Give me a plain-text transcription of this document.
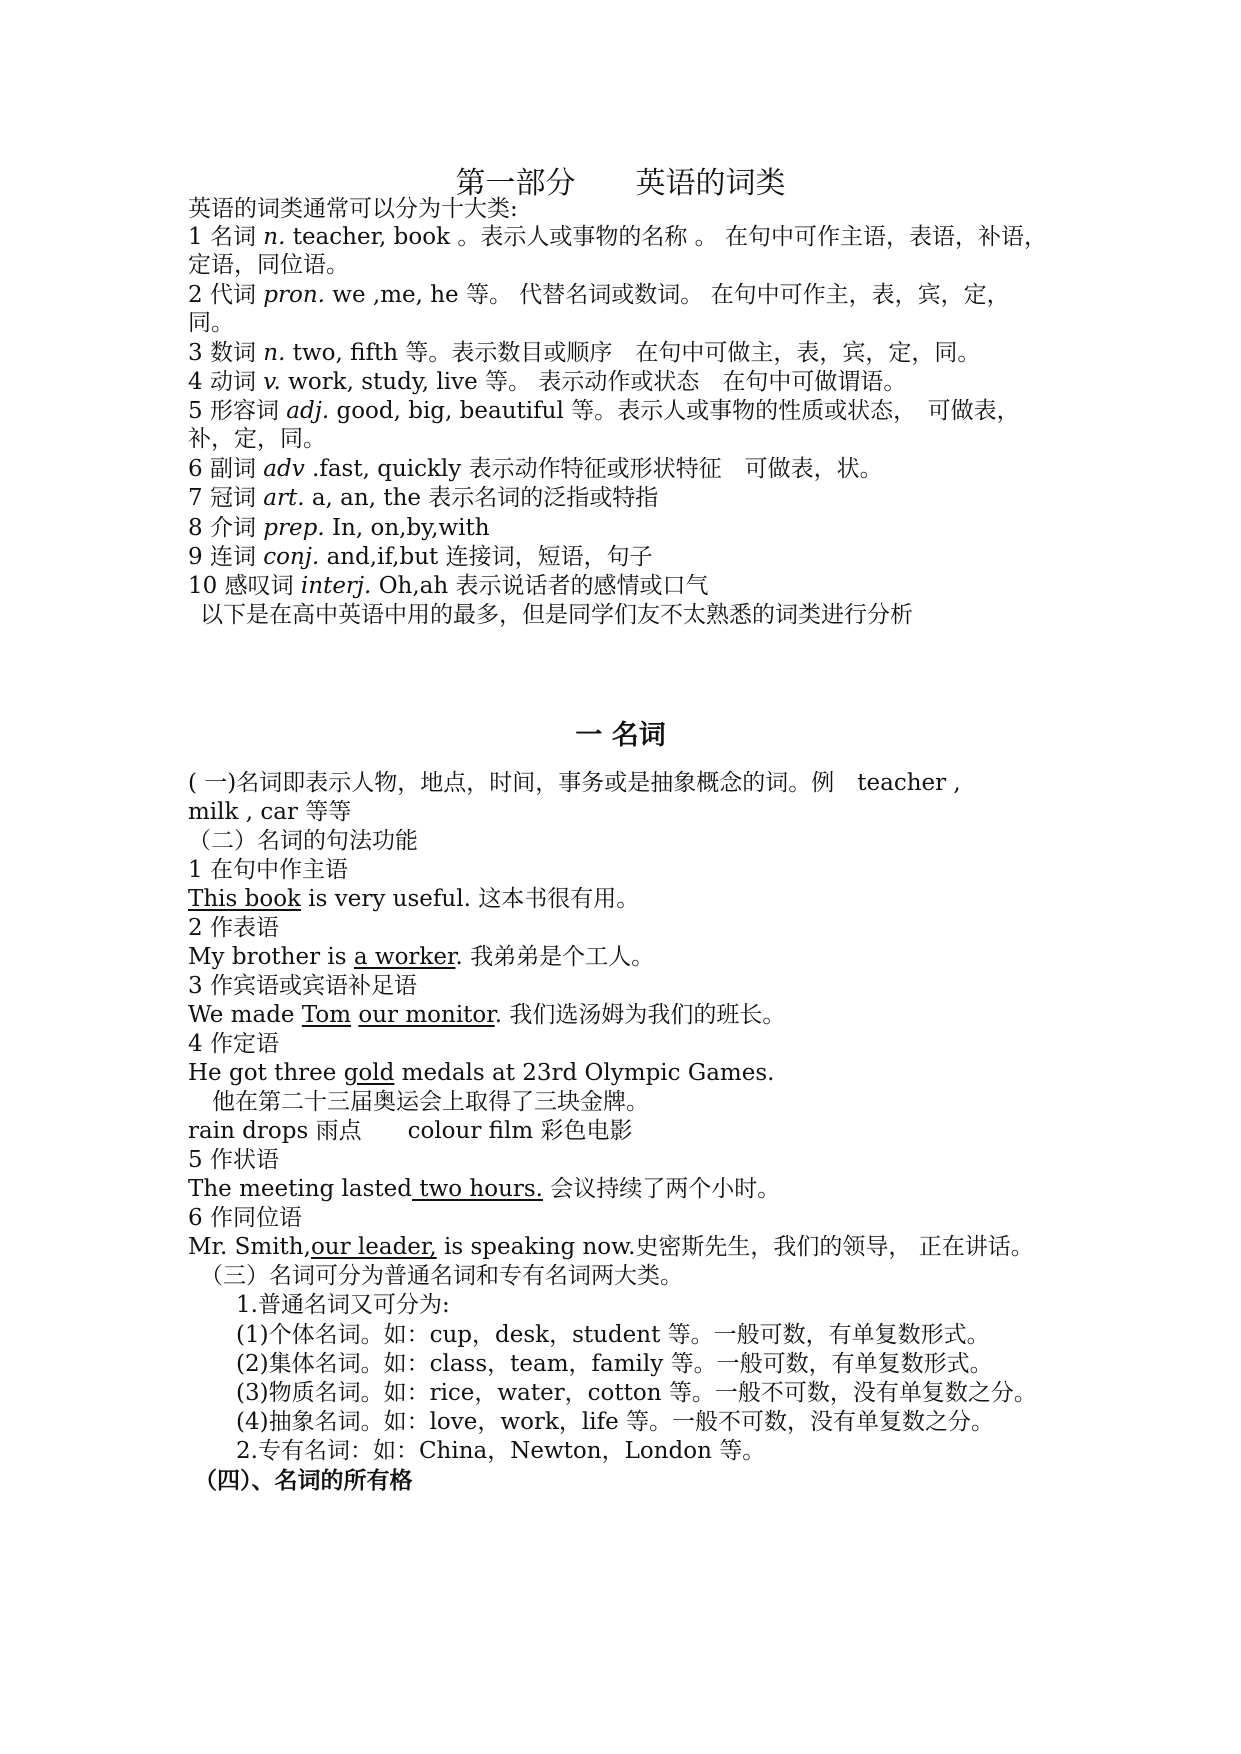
第一部分　　英语的词类
英语的词类通常可以分为十大类:
1 名词 n. teacher, book 。表示人或事物的名称 。 在句中可作主语，表语，补语，
定语，同位语。
2 代词 pron. we ,me, he 等。 代替名词或数词。 在句中可作主，表，宾，定，
同。
3 数词 n. two, fifth 等。表示数目或顺序　在句中可做主，表，宾，定，同。
4 动词 v. work, study, live 等。 表示动作或状态　在句中可做谓语。
5 形容词 adj. good, big, beautiful 等。表示人或事物的性质或状态，　可做表，
补，定，同。
6 副词 adv .fast, quickly 表示动作特征或形状特征　可做表，状。
7 冠词 art. a, an, the 表示名词的泛指或特指
8 介词 prep. In, on,by,with
9 连词 conj. and,if,but 连接词，短语，句子
10 感叹词 interj. Oh,ah 表示说话者的感情或口气
以下是在高中英语中用的最多，但是同学们友不太熟悉的词类进行分析
一 名词
( 一)名词即表示人物，地点，时间，事务或是抽象概念的词。例　teacher ,
milk , car 等等
（二）名词的句法功能
1 在句中作主语
This book is very useful. 这本书很有用。
2 作表语
My brother is a worker. 我弟弟是个工人。
3 作宾语或宾语补足语
We made Tom our monitor. 我们选汤姆为我们的班长。
4 作定语
He got three gold medals at 23rd Olympic Games.
他在第二十三届奥运会上取得了三块金牌。
rain drops 雨点　　colour film 彩色电影
5 作状语
The meeting lasted two hours. 会议持续了两个小时。
6 作同位语
Mr. Smith,our leader, is speaking now.史密斯先生，我们的领导， 正在讲话。
（三）名词可分为普通名词和专有名词两大类。
1.普通名词又可分为:
(1)个体名词。如：cup，desk，student 等。一般可数，有单复数形式。
(2)集体名词。如：class，team，family 等。一般可数，有单复数形式。
(3)物质名词。如：rice，water，cotton 等。一般不可数，没有单复数之分。
(4)抽象名词。如：love，work，life 等。一般不可数，没有单复数之分。
2.专有名词：如：China，Newton，London 等。
（四）、名词的所有格
